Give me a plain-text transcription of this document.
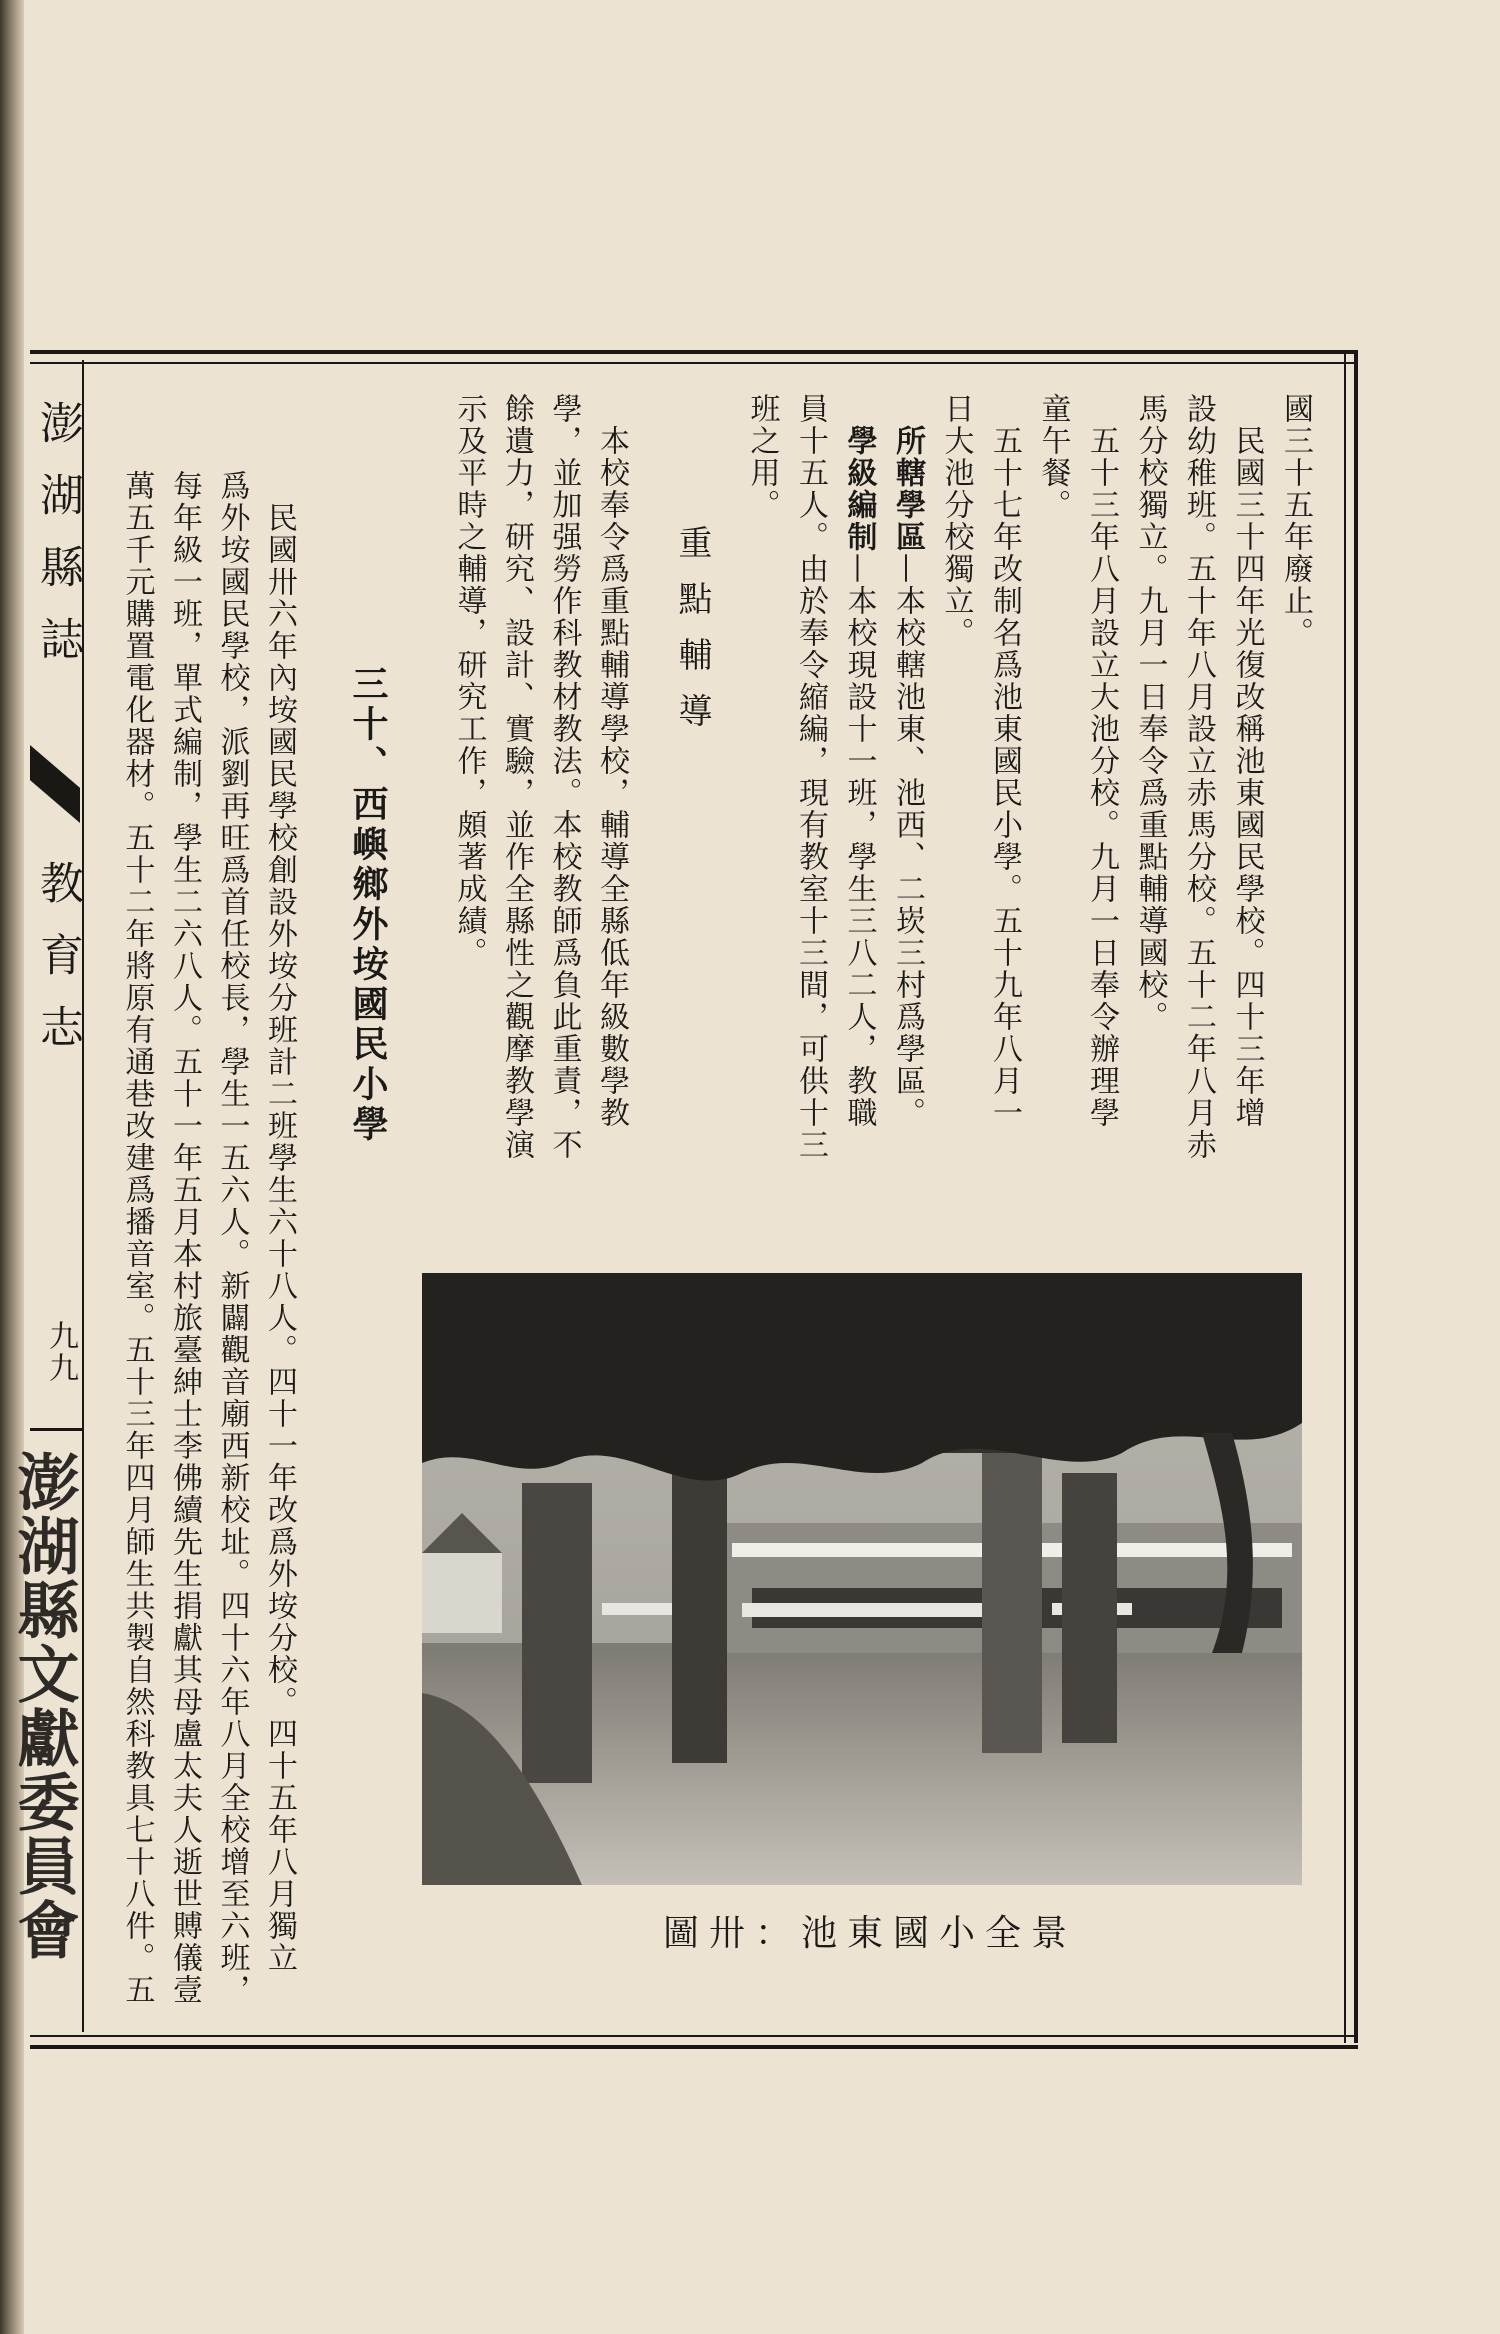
澎湖縣誌
教育志
九九
澎湖縣文獻委員會
國三十五年廢止。
民國三十四年光復改稱池東國民學校。四十三年增
設幼稚班。五十年八月設立赤馬分校。五十二年八月赤
馬分校獨立。九月一日奉令爲重點輔導國校。
五十三年八月設立大池分校。九月一日奉令辦理學
童午餐。
五十七年改制名爲池東國民小學。五十九年八月一
日大池分校獨立。
所轄學區—本校轄池東、池西、二崁三村爲學區。
學級編制—本校現設十一班，學生三八二人，教職
員十五人。由於奉令縮編，現有教室十三間，可供十三
班之用。
重點輔導
本校奉令爲重點輔導學校，輔導全縣低年級數學教
學，並加强勞作科教材教法。本校教師爲負此重責，不
餘遺力，研究、設計、實驗，並作全縣性之觀摩教學演
示及平時之輔導，研究工作，頗著成績。
三十、西嶼鄉外垵國民小學
民國卅六年內垵國民學校創設外垵分班計二班學生六十八人。四十一年改爲外垵分校。四十五年八月獨立
爲外垵國民學校，派劉再旺爲首任校長，學生一五六人。新闢觀音廟西新校址。四十六年八月全校增至六班，
每年級一班，單式編制，學生二六八人。五十一年五月本村旅臺紳士李佛續先生捐獻其母盧太夫人逝世賻儀壹
萬五千元購置電化器材。五十二年將原有通巷改建爲播音室。五十三年四月師生共製自然科教具七十八件。五	圖卅：池東國小全景
